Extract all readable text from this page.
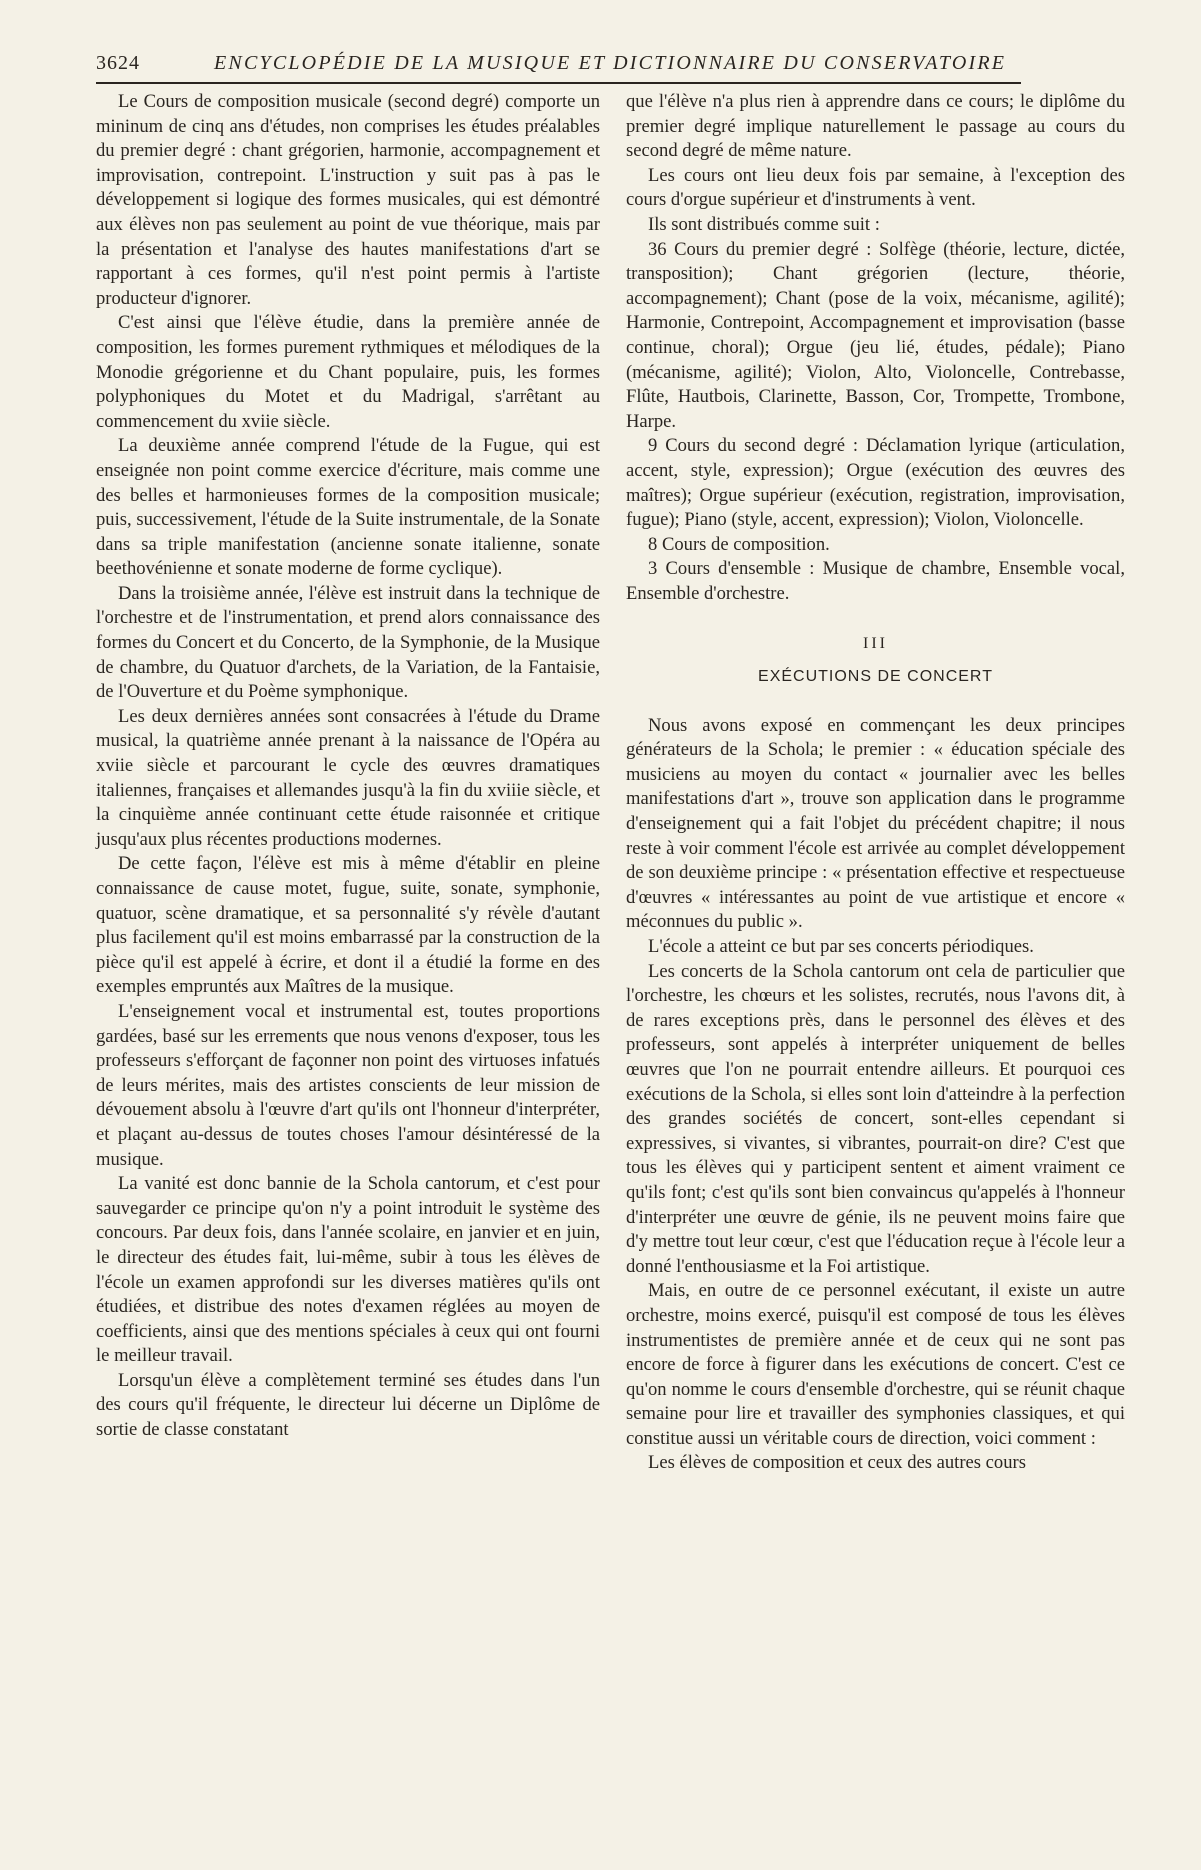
3624	ENCYCLOPÉDIE DE LA MUSIQUE ET DICTIONNAIRE DU CONSERVATOIRE

Le Cours de composition musicale (second degré) comporte un mininum de cinq ans d'études, non comprises les études préalables du premier degré : chant grégorien, harmonie, accompagnement et improvisation, contrepoint. L'instruction y suit pas à pas le développement si logique des formes musicales, qui est démontré aux élèves non pas seulement au point de vue théorique, mais par la présentation et l'analyse des hautes manifestations d'art se rapportant à ces formes, qu'il n'est point permis à l'artiste producteur d'ignorer.

C'est ainsi que l'élève étudie, dans la première année de composition, les formes purement rythmiques et mélodiques de la Monodie grégorienne et du Chant populaire, puis, les formes polyphoniques du Motet et du Madrigal, s'arrêtant au commencement du xviie siècle.

La deuxième année comprend l'étude de la Fugue, qui est enseignée non point comme exercice d'écriture, mais comme une des belles et harmonieuses formes de la composition musicale; puis, successivement, l'étude de la Suite instrumentale, de la Sonate dans sa triple manifestation (ancienne sonate italienne, sonate beethovénienne et sonate moderne de forme cyclique).

Dans la troisième année, l'élève est instruit dans la technique de l'orchestre et de l'instrumentation, et prend alors connaissance des formes du Concert et du Concerto, de la Symphonie, de la Musique de chambre, du Quatuor d'archets, de la Variation, de la Fantaisie, de l'Ouverture et du Poème symphonique.

Les deux dernières années sont consacrées à l'étude du Drame musical, la quatrième année prenant à la naissance de l'Opéra au xviie siècle et parcourant le cycle des œuvres dramatiques italiennes, françaises et allemandes jusqu'à la fin du xviiie siècle, et la cinquième année continuant cette étude raisonnée et critique jusqu'aux plus récentes productions modernes.

De cette façon, l'élève est mis à même d'établir en pleine connaissance de cause motet, fugue, suite, sonate, symphonie, quatuor, scène dramatique, et sa personnalité s'y révèle d'autant plus facilement qu'il est moins embarrassé par la construction de la pièce qu'il est appelé à écrire, et dont il a étudié la forme en des exemples empruntés aux Maîtres de la musique.

L'enseignement vocal et instrumental est, toutes proportions gardées, basé sur les errements que nous venons d'exposer, tous les professeurs s'efforçant de façonner non point des virtuoses infatués de leurs mérites, mais des artistes conscients de leur mission de dévouement absolu à l'œuvre d'art qu'ils ont l'honneur d'interpréter, et plaçant au-dessus de toutes choses l'amour désintéressé de la musique.

La vanité est donc bannie de la Schola cantorum, et c'est pour sauvegarder ce principe qu'on n'y a point introduit le système des concours. Par deux fois, dans l'année scolaire, en janvier et en juin, le directeur des études fait, lui-même, subir à tous les élèves de l'école un examen approfondi sur les diverses matières qu'ils ont étudiées, et distribue des notes d'examen réglées au moyen de coefficients, ainsi que des mentions spéciales à ceux qui ont fourni le meilleur travail.

Lorsqu'un élève a complètement terminé ses études dans l'un des cours qu'il fréquente, le directeur lui décerne un Diplôme de sortie de classe constatant

que l'élève n'a plus rien à apprendre dans ce cours; le diplôme du premier degré implique naturellement le passage au cours du second degré de même nature.

Les cours ont lieu deux fois par semaine, à l'exception des cours d'orgue supérieur et d'instruments à vent.

Ils sont distribués comme suit :

36 Cours du premier degré : Solfège (théorie, lecture, dictée, transposition); Chant grégorien (lecture, théorie, accompagnement); Chant (pose de la voix, mécanisme, agilité); Harmonie, Contrepoint, Accompagnement et improvisation (basse continue, choral); Orgue (jeu lié, études, pédale); Piano (mécanisme, agilité); Violon, Alto, Violoncelle, Contrebasse, Flûte, Hautbois, Clarinette, Basson, Cor, Trompette, Trombone, Harpe.

9 Cours du second degré : Déclamation lyrique (articulation, accent, style, expression); Orgue (exécution des œuvres des maîtres); Orgue supérieur (exécution, registration, improvisation, fugue); Piano (style, accent, expression); Violon, Violoncelle.

8 Cours de composition.

3 Cours d'ensemble : Musique de chambre, Ensemble vocal, Ensemble d'orchestre.

III

EXÉCUTIONS DE CONCERT

Nous avons exposé en commençant les deux principes générateurs de la Schola; le premier : « éducation spéciale des musiciens au moyen du contact « journalier avec les belles manifestations d'art », trouve son application dans le programme d'enseignement qui a fait l'objet du précédent chapitre; il nous reste à voir comment l'école est arrivée au complet développement de son deuxième principe : « présentation effective et respectueuse d'œuvres « intéressantes au point de vue artistique et encore « méconnues du public ».

L'école a atteint ce but par ses concerts périodiques.

Les concerts de la Schola cantorum ont cela de particulier que l'orchestre, les chœurs et les solistes, recrutés, nous l'avons dit, à de rares exceptions près, dans le personnel des élèves et des professeurs, sont appelés à interpréter uniquement de belles œuvres que l'on ne pourrait entendre ailleurs. Et pourquoi ces exécutions de la Schola, si elles sont loin d'atteindre à la perfection des grandes sociétés de concert, sont-elles cependant si expressives, si vivantes, si vibrantes, pourrait-on dire? C'est que tous les élèves qui y participent sentent et aiment vraiment ce qu'ils font; c'est qu'ils sont bien convaincus qu'appelés à l'honneur d'interpréter une œuvre de génie, ils ne peuvent moins faire que d'y mettre tout leur cœur, c'est que l'éducation reçue à l'école leur a donné l'enthousiasme et la Foi artistique.

Mais, en outre de ce personnel exécutant, il existe un autre orchestre, moins exercé, puisqu'il est composé de tous les élèves instrumentistes de première année et de ceux qui ne sont pas encore de force à figurer dans les exécutions de concert. C'est ce qu'on nomme le cours d'ensemble d'orchestre, qui se réunit chaque semaine pour lire et travailler des symphonies classiques, et qui constitue aussi un véritable cours de direction, voici comment :

Les élèves de composition et ceux des autres cours
